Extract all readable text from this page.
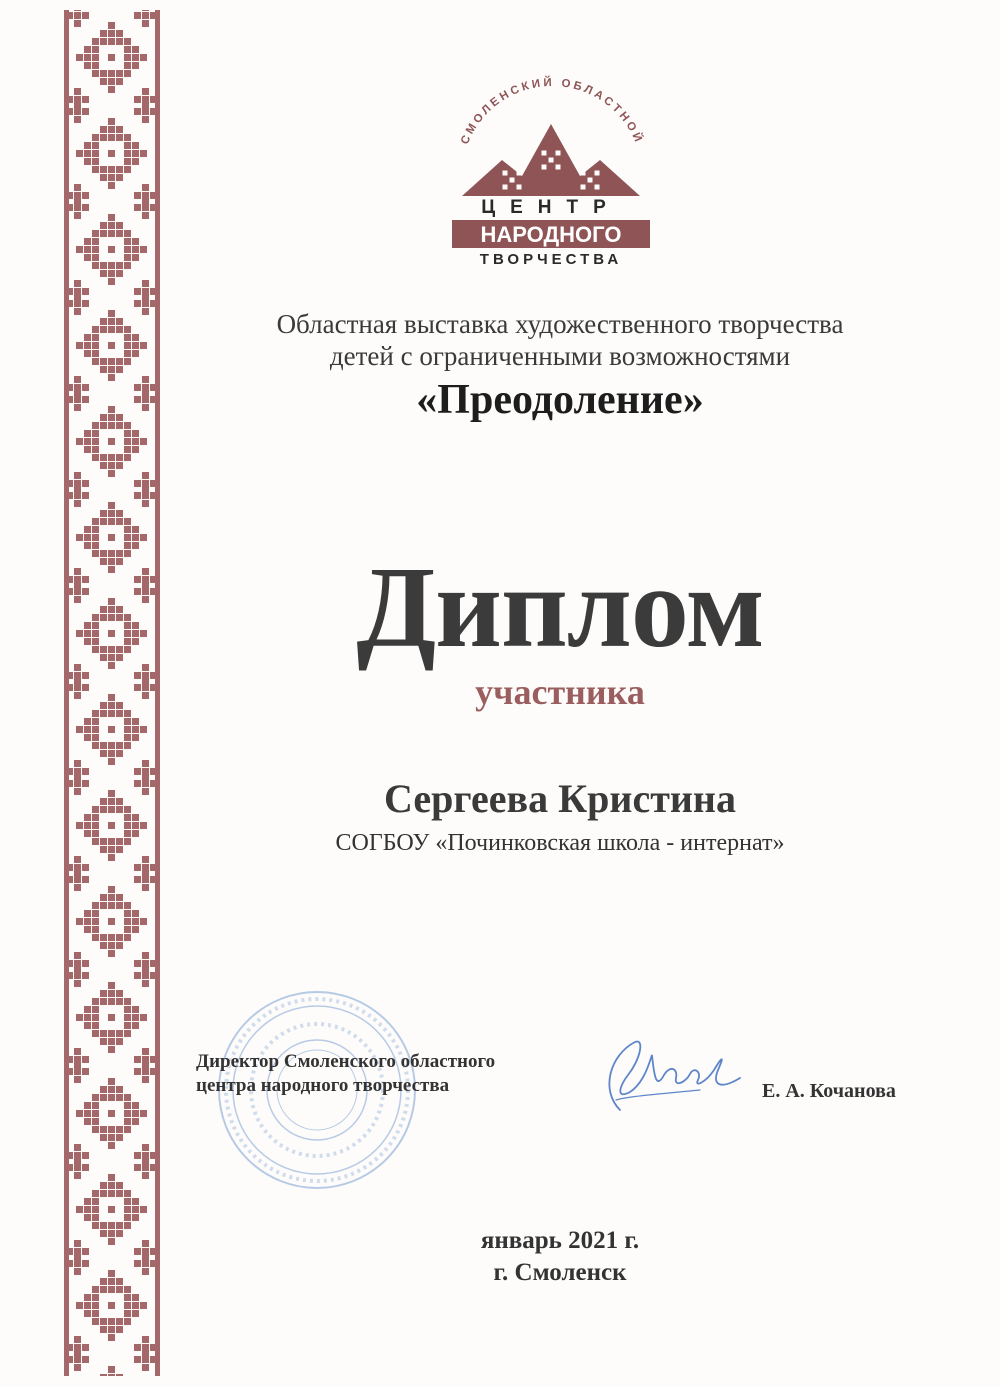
СМОЛЕНСКИЙ ОБЛАСТНОЙ
ЦЕНТР
НАРОДНОГО
ТВОРЧЕСТВА
Областная выставка художественного творчества
детей с ограниченными возможностями
«Преодоление»
Диплом
участника
Сергеева Кристина
СОГБОУ «Починковская школа - интернат»
Директор Смоленского областного
центра народного творчества	Е. А. Кочанова
январь 2021 г.
г. Смоленск
